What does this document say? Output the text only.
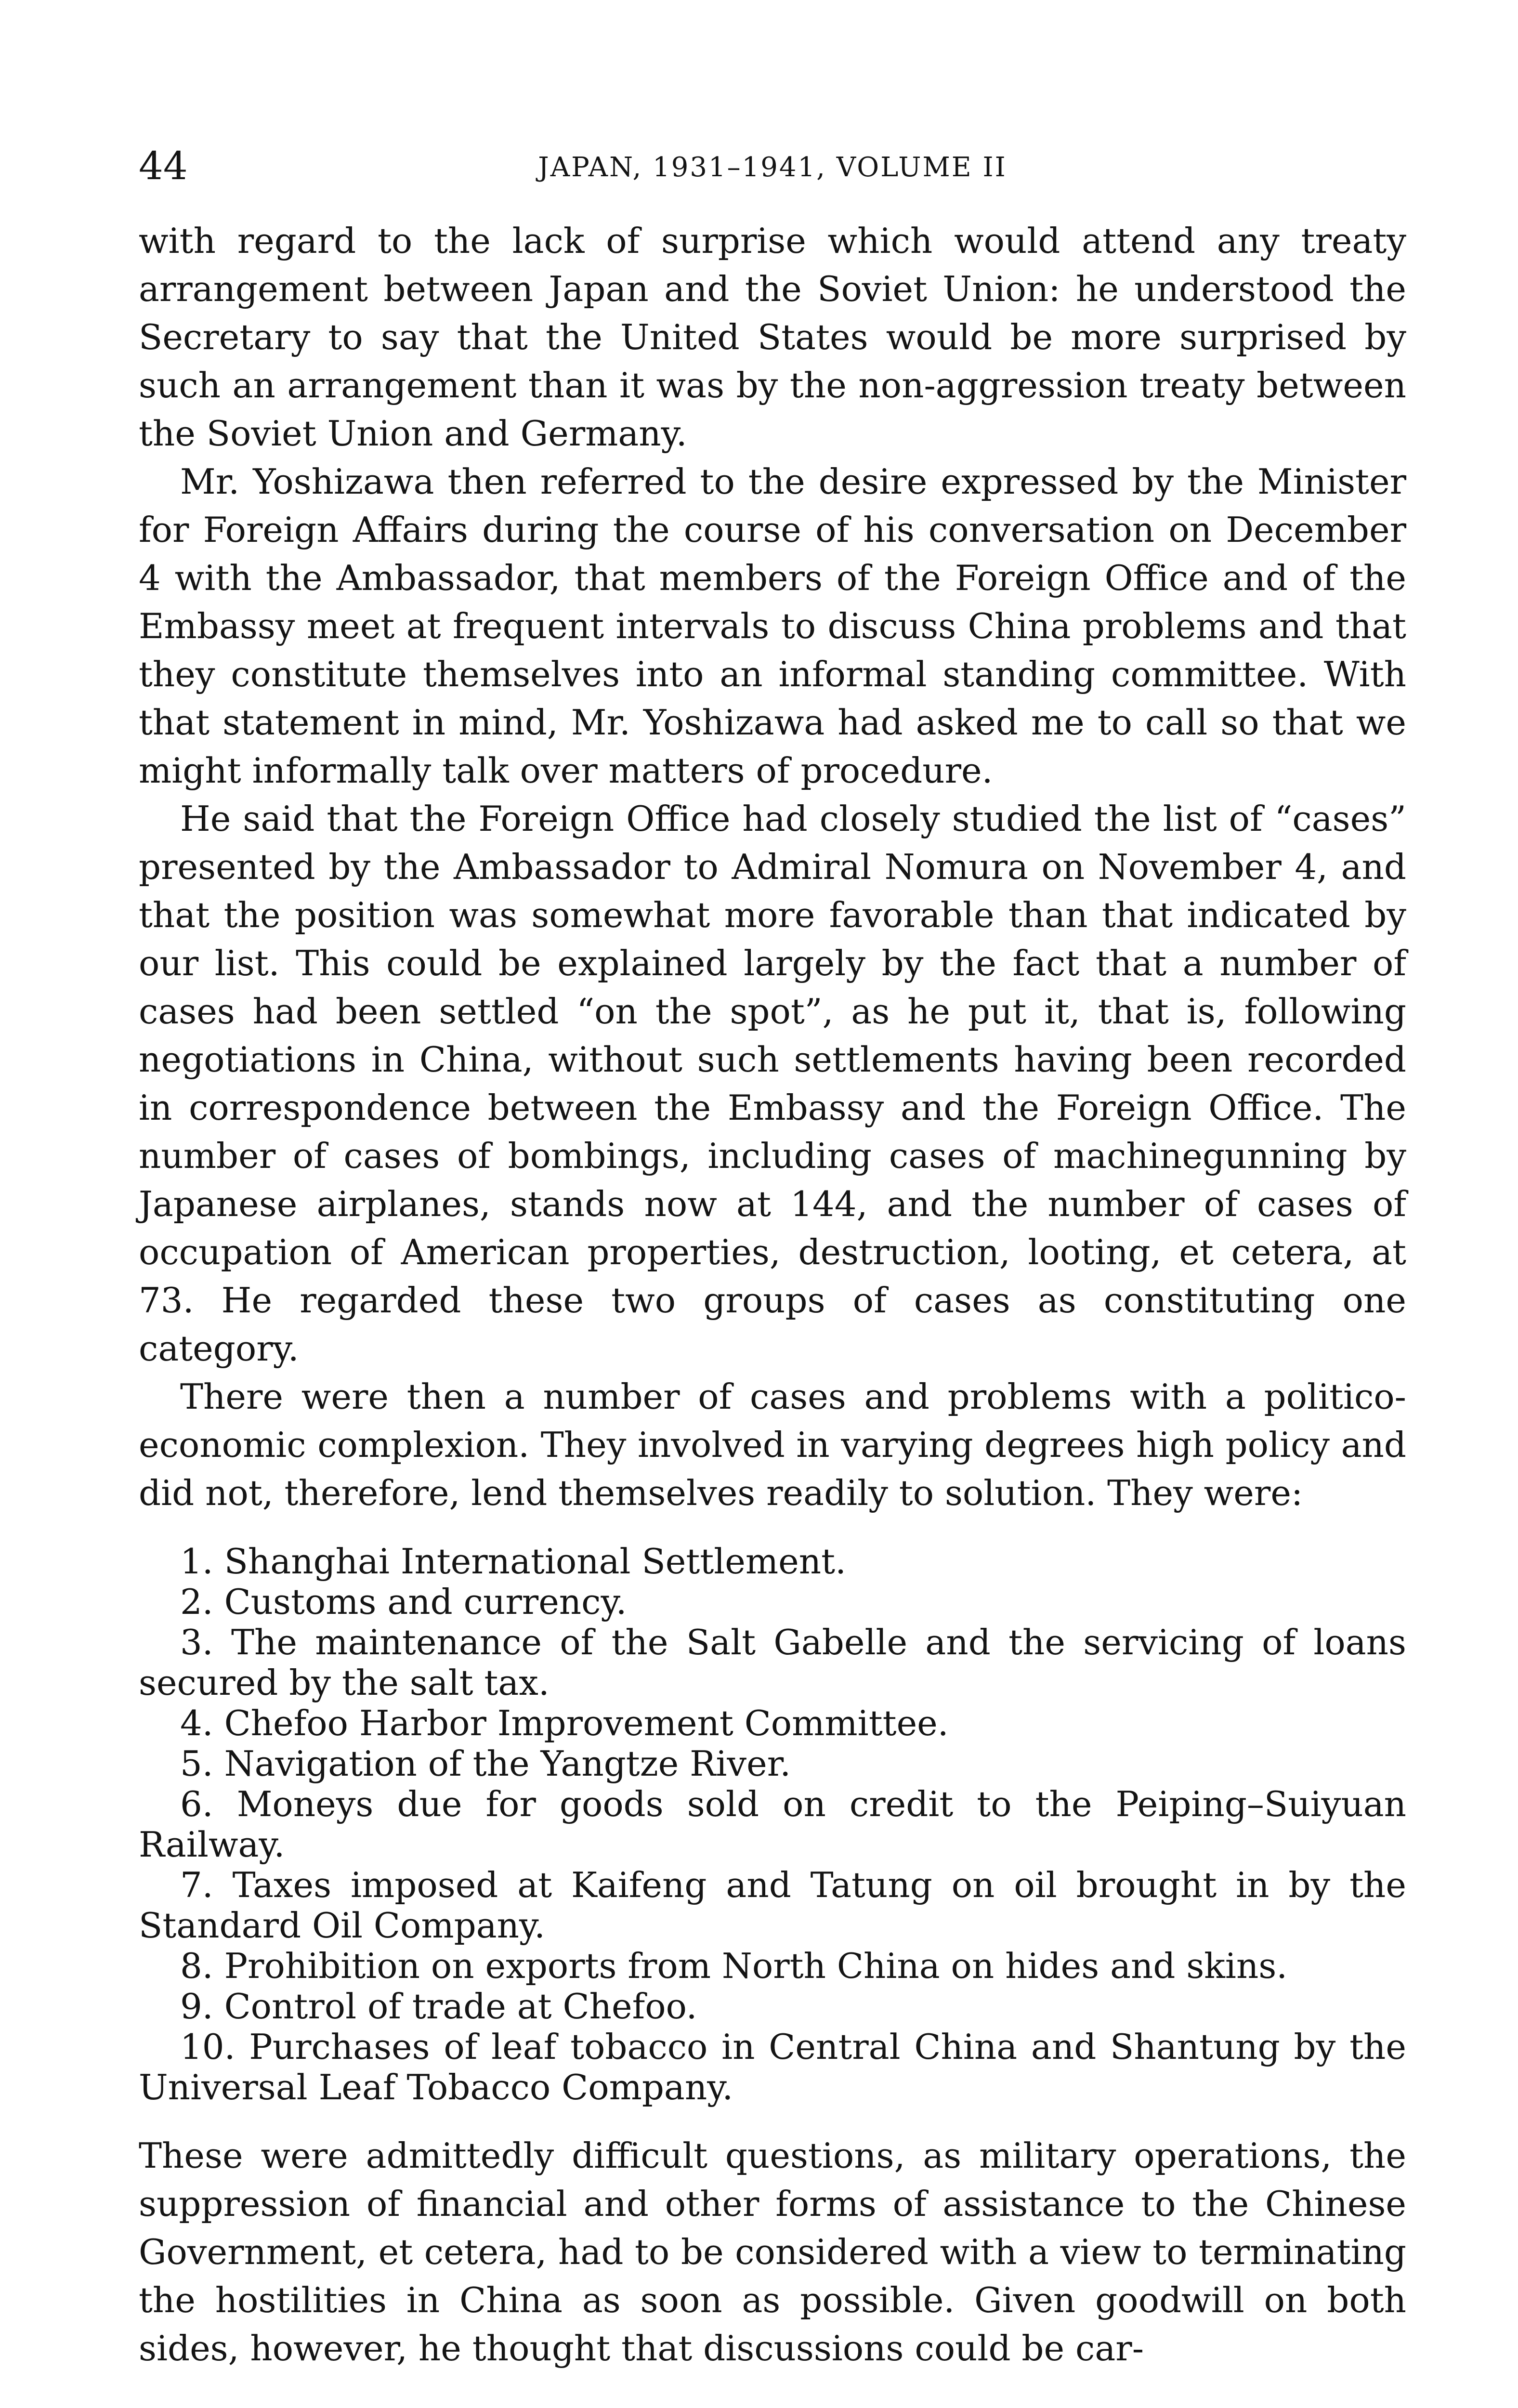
44	JAPAN, 1931–1941, VOLUME II

with regard to the lack of surprise which would attend any treaty arrangement between Japan and the Soviet Union: he understood the Secretary to say that the United States would be more surprised by such an arrangement than it was by the non-aggression treaty between the Soviet Union and Germany.

Mr. Yoshizawa then referred to the desire expressed by the Minister for Foreign Affairs during the course of his conversation on December 4 with the Ambassador, that members of the Foreign Office and of the Embassy meet at frequent intervals to discuss China problems and that they constitute themselves into an informal standing committee. With that statement in mind, Mr. Yoshizawa had asked me to call so that we might informally talk over matters of procedure.

He said that the Foreign Office had closely studied the list of “cases” presented by the Ambassador to Admiral Nomura on November 4, and that the position was somewhat more favorable than that indicated by our list. This could be explained largely by the fact that a number of cases had been settled “on the spot”, as he put it, that is, following negotiations in China, without such settlements having been recorded in correspondence between the Embassy and the Foreign Office. The number of cases of bombings, including cases of machinegunning by Japanese airplanes, stands now at 144, and the number of cases of occupation of American properties, destruction, looting, et cetera, at 73. He regarded these two groups of cases as constituting one category.

There were then a number of cases and problems with a politico-economic complexion. They involved in varying degrees high policy and did not, therefore, lend themselves readily to solution. They were:

1. Shanghai International Settlement.
2. Customs and currency.
3. The maintenance of the Salt Gabelle and the servicing of loans secured by the salt tax.
4. Chefoo Harbor Improvement Committee.
5. Navigation of the Yangtze River.
6. Moneys due for goods sold on credit to the Peiping–Suiyuan Railway.
7. Taxes imposed at Kaifeng and Tatung on oil brought in by the Standard Oil Company.
8. Prohibition on exports from North China on hides and skins.
9. Control of trade at Chefoo.
10. Purchases of leaf tobacco in Central China and Shantung by the Universal Leaf Tobacco Company.

These were admittedly difficult questions, as military operations, the suppression of financial and other forms of assistance to the Chinese Government, et cetera, had to be considered with a view to terminating the hostilities in China as soon as possible. Given goodwill on both sides, however, he thought that discussions could be car-
